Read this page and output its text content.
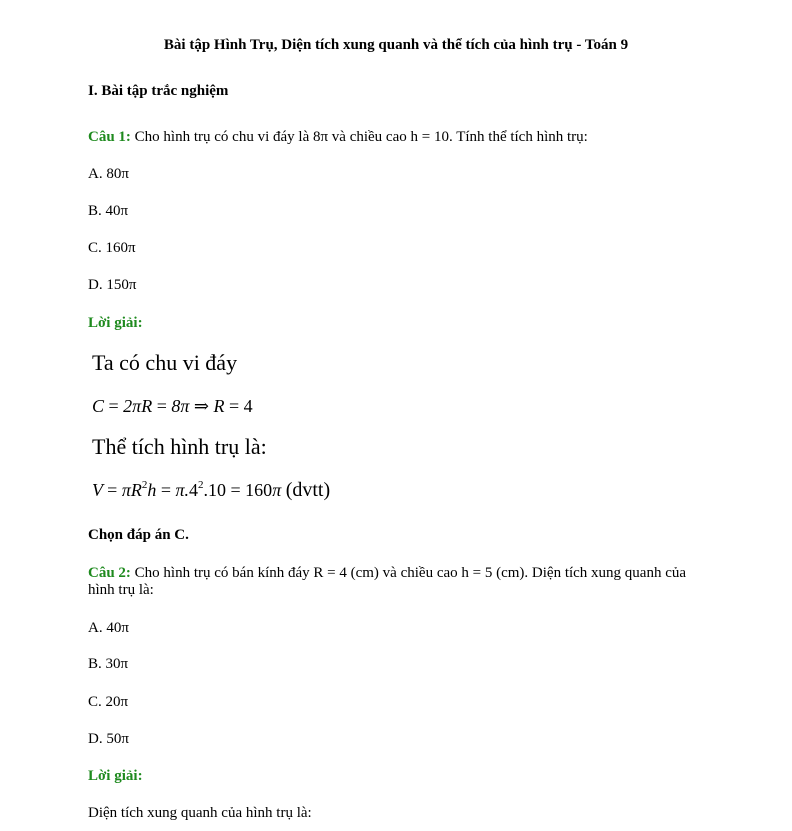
Bài tập Hình Trụ, Diện tích xung quanh và thể tích của hình trụ - Toán 9
I. Bài tập trắc nghiệm
Câu 1: Cho hình trụ có chu vi đáy là 8π và chiều cao h = 10. Tính thể tích hình trụ:
A. 80π
B. 40π
C. 160π
D. 150π
Lời giải:
Ta có chu vi đáy
C = 2πR = 8π ⇒ R = 4
Thể tích hình trụ là:
$V = \pi R^2h = \pi.4^2.10 = 160\pi$ (dvtt)
Chọn đáp án C.
Câu 2: Cho hình trụ có bán kính đáy R = 4 (cm) và chiều cao h = 5 (cm). Diện tích xung quanh của hình trụ là:
A. 40π
B. 30π
C. 20π
D. 50π
Lời giải:
Diện tích xung quanh của hình trụ là:
